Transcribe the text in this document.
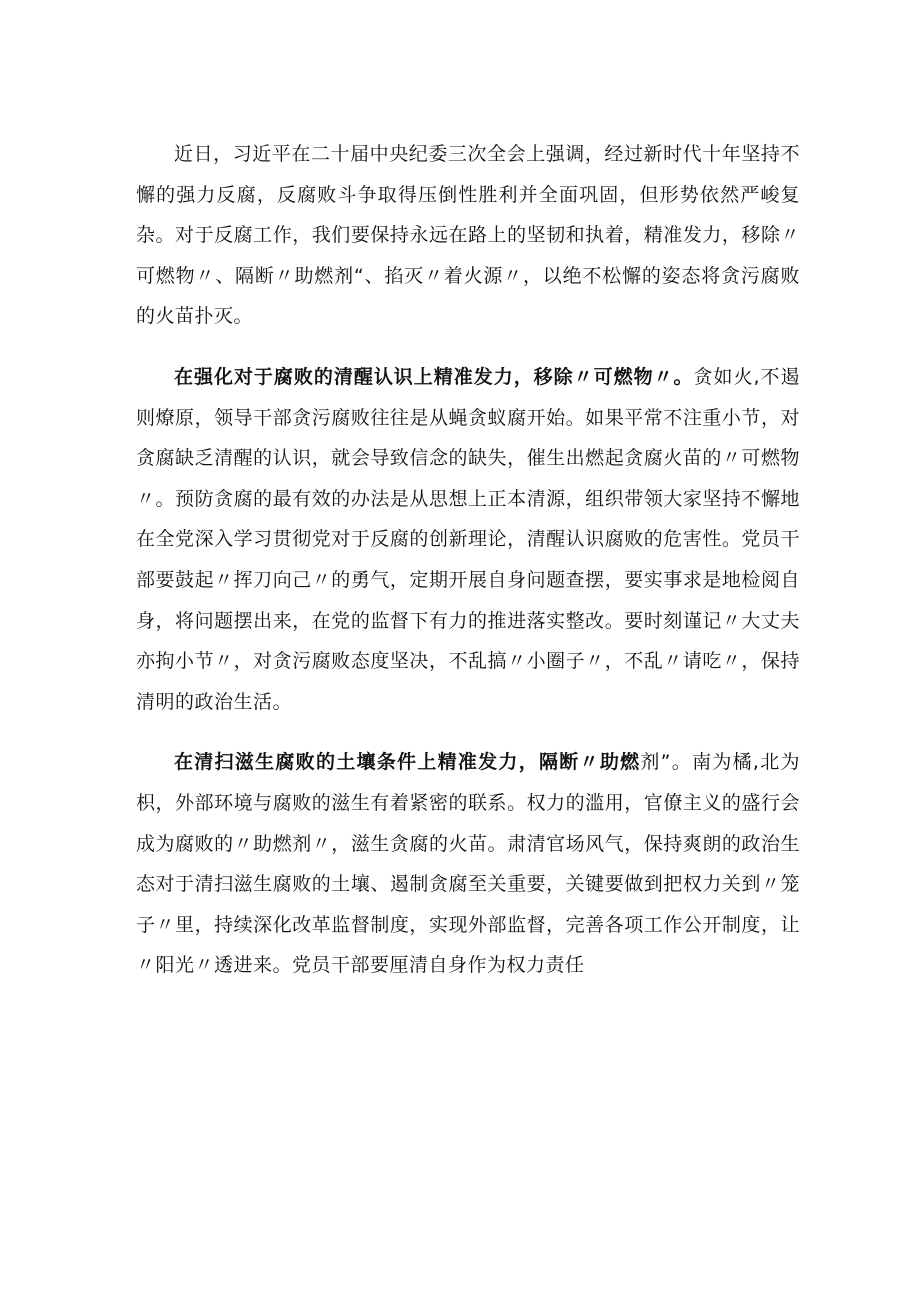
近日，习近平在二十届中央纪委三次全会上强调，经过新时代十年坚持不懈的强力反腐，反腐败斗争取得压倒性胜利并全面巩固，但形势依然严峻复杂。对于反腐工作，我们要保持永远在路上的坚韧和执着，精准发力，移除〃可燃物〃、隔断〃助燃剂“、掐灭〃着火源〃，以绝不松懈的姿态将贪污腐败的火苗扑灭。

在强化对于腐败的清醒认识上精准发力，移除〃可燃物〃。贪如火,不遏则燎原，领导干部贪污腐败往往是从蝇贪蚁腐开始。如果平常不注重小节，对贪腐缺乏清醒的认识，就会导致信念的缺失，催生出燃起贪腐火苗的〃可燃物〃。预防贪腐的最有效的办法是从思想上正本清源，组织带领大家坚持不懈地在全党深入学习贯彻党对于反腐的创新理论，清醒认识腐败的危害性。党员干部要鼓起〃挥刀向己〃的勇气，定期开展自身问题查摆，要实事求是地检阅自身，将问题摆出来，在党的监督下有力的推进落实整改。要时刻谨记〃大丈夫亦拘小节〃，对贪污腐败态度坚决，不乱搞〃小圈子〃，不乱〃请吃〃，保持清明的政治生活。

在清扫滋生腐败的土壤条件上精准发力，隔断〃助燃剂”。南为橘,北为枳，外部环境与腐败的滋生有着紧密的联系。权力的滥用，官僚主义的盛行会成为腐败的〃助燃剂〃，滋生贪腐的火苗。肃清官场风气，保持爽朗的政治生态对于清扫滋生腐败的土壤、遏制贪腐至关重要，关键要做到把权力关到〃笼子〃里，持续深化改革监督制度，实现外部监督，完善各项工作公开制度，让〃阳光〃透进来。党员干部要厘清自身作为权力责任
